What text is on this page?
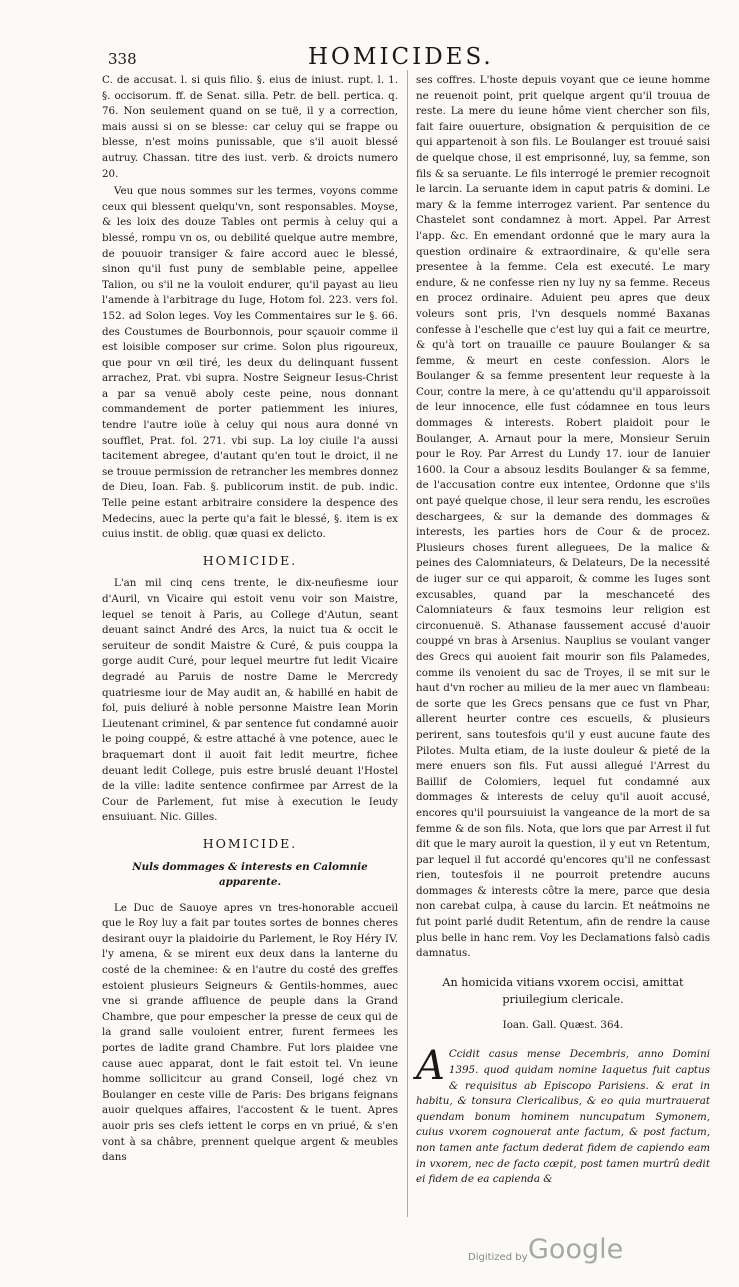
338	HOMICIDES.

C. de accusat. l. si quis filio. §. eius de iniust. rupt. l. 1. §. occisorum. ff. de Senat. silla. Petr. de bell. pertica. q. 76. Non seulement quand on se tuë, il y a correction, mais aussi si on se blesse: car celuy qui se frappe ou blesse, n'est moins punissable, que s'il auoit blessé autruy. Chassan. titre des iust. verb. & droicts numero 20.

Veu que nous sommes sur les termes, voyons comme ceux qui blessent quelqu'vn, sont responsables. Moyse, & les loix des douze Tables ont permis à celuy qui a blessé, rompu vn os, ou debilité quelque autre membre, de pouuoir transiger & faire accord auec le blessé, sinon qu'il fust puny de semblable peine, appellee Talion, ou s'il ne la vouloit endurer, qu'il payast au lieu l'amende à l'arbitrage du Iuge, Hotom fol. 223. vers fol. 152. ad Solon leges. Voy les Commentaires sur le §. 66. des Coustumes de Bourbonnois, pour sçauoir comme il est loisible composer sur crime. Solon plus rigoureux, que pour vn œil tiré, les deux du delinquant fussent arrachez, Prat. vbi supra. Nostre Seigneur Iesus-Christ a par sa venuë aboly ceste peine, nous donnant commandement de porter patiemment les iniures, tendre l'autre ioüe à celuy qui nous aura donné vn soufflet, Prat. fol. 271. vbi sup. La loy ciuile l'a aussi tacitement abregee, d'autant qu'en tout le droict, il ne se trouue permission de retrancher les membres donnez de Dieu, Ioan. Fab. §. publicorum instit. de pub. indic. Telle peine estant arbitraire considere la despence des Medecins, auec la perte qu'a fait le blessé, §. item is ex cuius instit. de oblig. quæ quasi ex delicto.

HOMICIDE.

L'an mil cinq cens trente, le dix-neufiesme iour d'Auril, vn Vicaire qui estoit venu voir son Maistre, lequel se tenoit à Paris, au College d'Autun, seant deuant sainct André des Arcs, la nuict tua & occit le seruiteur de sondit Maistre & Curé, & puis couppa la gorge audit Curé, pour lequel meurtre fut ledit Vicaire degradé au Paruis de nostre Dame le Mercredy quatriesme iour de May audit an, & habillé en habit de fol, puis deliuré à noble personne Maistre Iean Morin Lieutenant criminel, & par sentence fut condamné auoir le poing couppé, & estre attaché à vne potence, auec le braquemart dont il auoit fait ledit meurtre, fichee deuant ledit College, puis estre bruslé deuant l'Hostel de la ville: ladite sentence confirmee par Arrest de la Cour de Parlement, fut mise à execution le Ieudy ensuiuant. Nic. Gilles.

HOMICIDE.

Nuls dommages & interests en Calomnie apparente.

Le Duc de Sauoye apres vn tres-honorable accueil que le Roy luy a fait par toutes sortes de bonnes cheres desirant ouyr la plaidoirie du Parlement, le Roy Héry IV. l'y amena, & se mirent eux deux dans la lanterne du costé de la cheminee: & en l'autre du costé des greffes estoient plusieurs Seigneurs & Gentils-hommes, auec vne si grande affluence de peuple dans la Grand Chambre, que pour empescher la presse de ceux qui de la grand salle vouloient entrer, furent fermees les portes de ladite grand Chambre. Fut lors plaidee vne cause auec apparat, dont le fait estoit tel. Vn ieune homme sollicitcur au grand Conseil, logé chez vn Boulanger en ceste ville de Paris: Des brigans feignans auoir quelques affaires, l'accostent & le tuent. Apres auoir pris ses clefs iettent le corps en vn priué, & s'en vont à sa châbre, prennent quelque argent & meubles dans

ses coffres. L'hoste depuis voyant que ce ieune homme ne reuenoit point, prit quelque argent qu'il trouua de reste. La mere du ieune hôme vient chercher son fils, fait faire ouuerture, obsignation & perquisition de ce qui appartenoit à son fils. Le Boulanger est trouué saisi de quelque chose, il est emprisonné, luy, sa femme, son fils & sa seruante. Le fils interrogé le premier recognoit le larcin. La seruante idem in caput patris & domini. Le mary & la femme interrogez varient. Par sentence du Chastelet sont condamnez à mort. Appel. Par Arrest l'app. &c. En emendant ordonné que le mary aura la question ordinaire & extraordinaire, & qu'elle sera presentee à la femme. Cela est executé. Le mary endure, & ne confesse rien ny luy ny sa femme. Receus en procez ordinaire. Aduient peu apres que deux voleurs sont pris, l'vn desquels nommé Baxanas confesse à l'eschelle que c'est luy qui a fait ce meurtre, & qu'à tort on trauaille ce pauure Boulanger & sa femme, & meurt en ceste confession. Alors le Boulanger & sa femme presentent leur requeste à la Cour, contre la mere, à ce qu'attendu qu'il apparoissoit de leur innocence, elle fust códamnee en tous leurs dommages & interests. Robert plaidoit pour le Boulanger, A. Arnaut pour la mere, Monsieur Seruin pour le Roy. Par Arrest du Lundy 17. iour de Ianuier 1600. la Cour a absouz lesdits Boulanger & sa femme, de l'accusation contre eux intentee, Ordonne que s'ils ont payé quelque chose, il leur sera rendu, les escroües deschargees, & sur la demande des dommages & interests, les parties hors de Cour & de procez. Plusieurs choses furent alleguees, De la malice & peines des Calomniateurs, & Delateurs, De la necessité de iuger sur ce qui apparoit, & comme les Iuges sont excusables, quand par la meschanceté des Calomniateurs & faux tesmoins leur religion est circonuenuë. S. Athanase faussement accusé d'auoir couppé vn bras à Arsenius. Nauplius se voulant vanger des Grecs qui auoient fait mourir son fils Palamedes, comme ils venoient du sac de Troyes, il se mit sur le haut d'vn rocher au milieu de la mer auec vn flambeau: de sorte que les Grecs pensans que ce fust vn Phar, allerent heurter contre ces escueils, & plusieurs perirent, sans toutesfois qu'il y eust aucune faute des Pilotes. Multa etiam, de la iuste douleur & pieté de la mere enuers son fils. Fut aussi allegué l'Arrest du Baillif de Colomiers, lequel fut condamné aux dommages & interests de celuy qu'il auoit accusé, encores qu'il poursuiuist la vangeance de la mort de sa femme & de son fils. Nota, que lors que par Arrest il fut dit que le mary auroit la question, il y eut vn Retentum, par lequel il fut accordé qu'encores qu'il ne confessast rien, toutesfois il ne pourroit pretendre aucuns dommages & interests côtre la mere, parce que desia non carebat culpa, à cause du larcin. Et neátmoins ne fut point parlé dudit Retentum, afin de rendre la cause plus belle in hanc rem. Voy les Declamations falsò cadis damnatus.

An homicida vitians vxorem occisi, amittat priuilegium clericale.

Ioan. Gall. Quæst. 364.

A Ccidit casus mense Decembris, anno Domini 1395. quod quidam nomine Iaquetus fuit captus & requisitus ab Episcopo Parisiens. & erat in habitu, & tonsura Clericalibus, & eo quia murtrauerat quendam bonum hominem nuncupatum Symonem, cuius vxorem cognouerat ante factum, & post factum, non tamen ante factum dederat fidem de capiendo eam in vxorem, nec de facto cœpit, post tamen murtrû dedit ei fidem de ea capienda &

Digitized by Google
